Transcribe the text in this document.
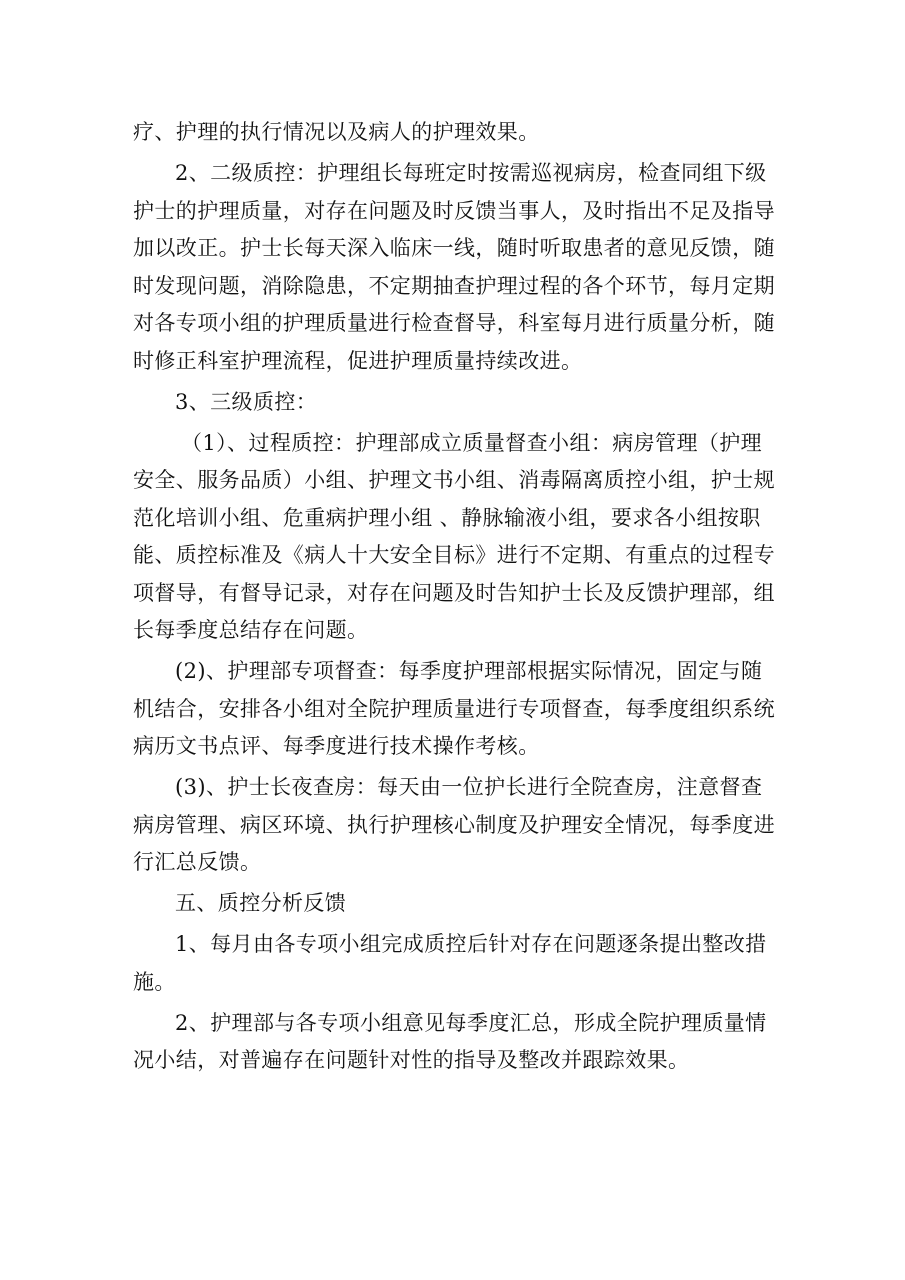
疗、护理的执行情况以及病人的护理效果。

2、二级质控：护理组长每班定时按需巡视病房，检查同组下级
护士的护理质量，对存在问题及时反馈当事人，及时指出不足及指导
加以改正。护士长每天深入临床一线，随时听取患者的意见反馈，随
时发现问题，消除隐患，不定期抽查护理过程的各个环节，每月定期
对各专项小组的护理质量进行检查督导，科室每月进行质量分析，随
时修正科室护理流程，促进护理质量持续改进。

3、三级质控：

（1）、过程质控：护理部成立质量督查小组：病房管理（护理
安全、服务品质）小组、护理文书小组、消毒隔离质控小组，护士规
范化培训小组、危重病护理小组 、静脉输液小组，要求各小组按职
能、质控标准及《病人十大安全目标》进行不定期、有重点的过程专
项督导，有督导记录，对存在问题及时告知护士长及反馈护理部，组
长每季度总结存在问题。

(2)、护理部专项督查：每季度护理部根据实际情况，固定与随
机结合，安排各小组对全院护理质量进行专项督查，每季度组织系统
病历文书点评、每季度进行技术操作考核。

(3)、护士长夜查房：每天由一位护长进行全院查房，注意督查
病房管理、病区环境、执行护理核心制度及护理安全情况，每季度进
行汇总反馈。

五、质控分析反馈

1、每月由各专项小组完成质控后针对存在问题逐条提出整改措
施。

2、护理部与各专项小组意见每季度汇总，形成全院护理质量情
况小结，对普遍存在问题针对性的指导及整改并跟踪效果。
